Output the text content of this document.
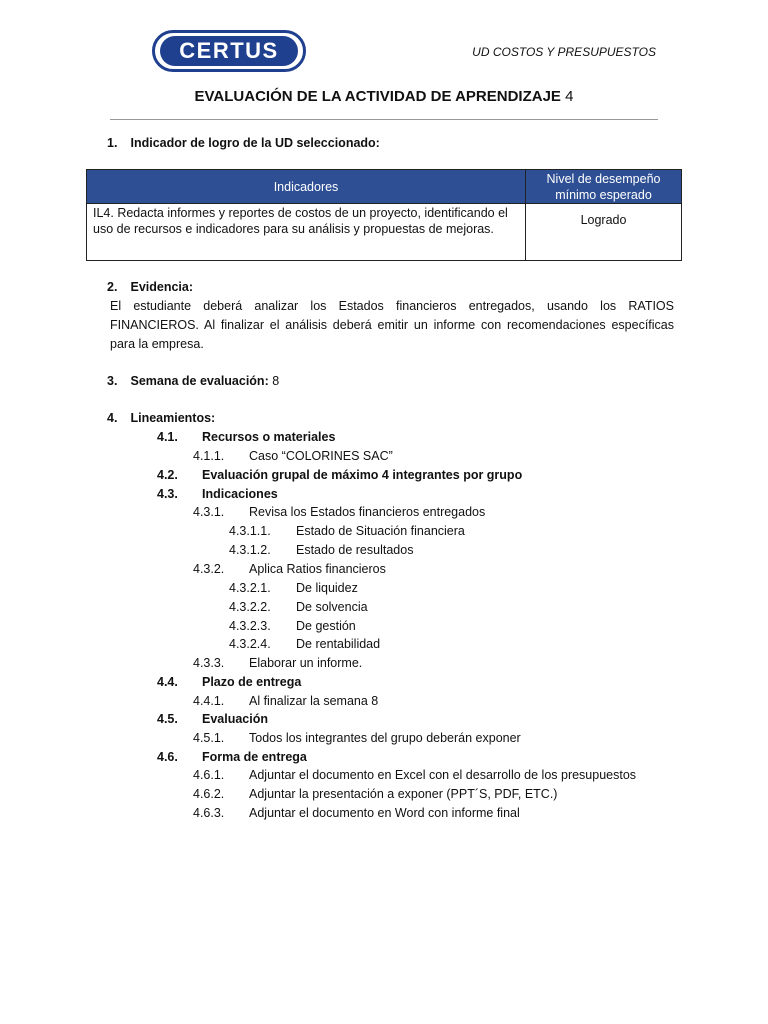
CERTUS	UD COSTOS Y PRESUPUESTOS
EVALUACIÓN DE LA ACTIVIDAD DE APRENDIZAJE 4
1. Indicador de logro de la UD seleccionado:
Indicadores	Nivel de desempeño mínimo esperado
IL4. Redacta informes y reportes de costos de un proyecto, identificando el uso de recursos e indicadores para su análisis y propuestas de mejoras.	Logrado
2. Evidencia:
El estudiante deberá analizar los Estados financieros entregados, usando los RATIOS FINANCIEROS. Al finalizar el análisis deberá emitir un informe con recomendaciones específicas para la empresa.
3. Semana de evaluación: 8
4. Lineamientos:
4.1. Recursos o materiales
4.1.1. Caso “COLORINES SAC”
4.2. Evaluación grupal de máximo 4 integrantes por grupo
4.3. Indicaciones
4.3.1. Revisa los Estados financieros entregados
4.3.1.1. Estado de Situación financiera
4.3.1.2. Estado de resultados
4.3.2. Aplica Ratios financieros
4.3.2.1. De liquidez
4.3.2.2. De solvencia
4.3.2.3. De gestión
4.3.2.4. De rentabilidad
4.3.3. Elaborar un informe.
4.4. Plazo de entrega
4.4.1. Al finalizar la semana 8
4.5. Evaluación
4.5.1. Todos los integrantes del grupo deberán exponer
4.6. Forma de entrega
4.6.1. Adjuntar el documento en Excel con el desarrollo de los presupuestos
4.6.2. Adjuntar la presentación a exponer (PPT´S, PDF, ETC.)
4.6.3. Adjuntar el documento en Word con informe final
